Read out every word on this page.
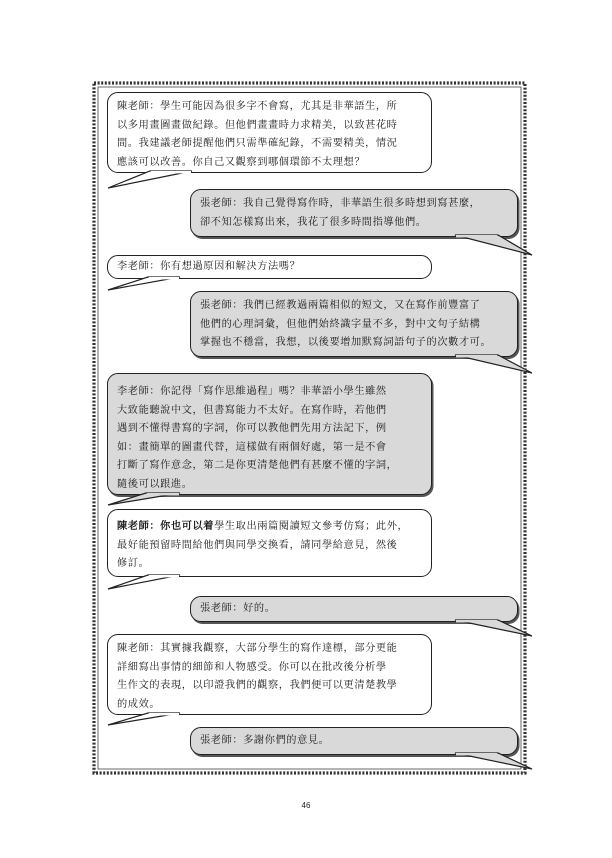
陳老師：學生可能因為很多字不會寫，尤其是非華語生，所
以多用畫圖畫做紀錄。但他們畫畫時力求精美，以致甚花時
間。我建議老師提醒他們只需準確紀錄，不需要精美，情況
應該可以改善。你自己又觀察到哪個環節不太理想？
張老師：我自己覺得寫作時，非華語生很多時想到寫甚麼，
卻不知怎樣寫出來，我花了很多時間指導他們。
李老師：你有想過原因和解決方法嗎？
張老師：我們已經教過兩篇相似的短文，又在寫作前豐富了
他們的心理詞彙，但他們始終識字量不多，對中文句子結構
掌握也不穩當，我想，以後要增加默寫詞語句子的次數才可。
李老師：你記得「寫作思維過程」嗎？非華語小學生雖然
大致能聽說中文，但書寫能力不太好。在寫作時，若他們
遇到不懂得書寫的字詞，你可以教他們先用方法記下，例
如：畫簡單的圖畫代替，這樣做有兩個好處，第一是不會
打斷了寫作意念，第二是你更清楚他們有甚麼不懂的字詞，
隨後可以跟進。
陳老師：你也可以着學生取出兩篇閱讀短文參考仿寫；此外，
最好能預留時間給他們與同學交換看，請同學給意見，然後
修訂。
張老師：好的。
陳老師：其實據我觀察，大部分學生的寫作達標，部分更能
詳細寫出事情的細節和人物感受。你可以在批改後分析學
生作文的表現，以印證我們的觀察，我們便可以更清楚教學
的成效。
張老師：多謝你們的意見。
46
